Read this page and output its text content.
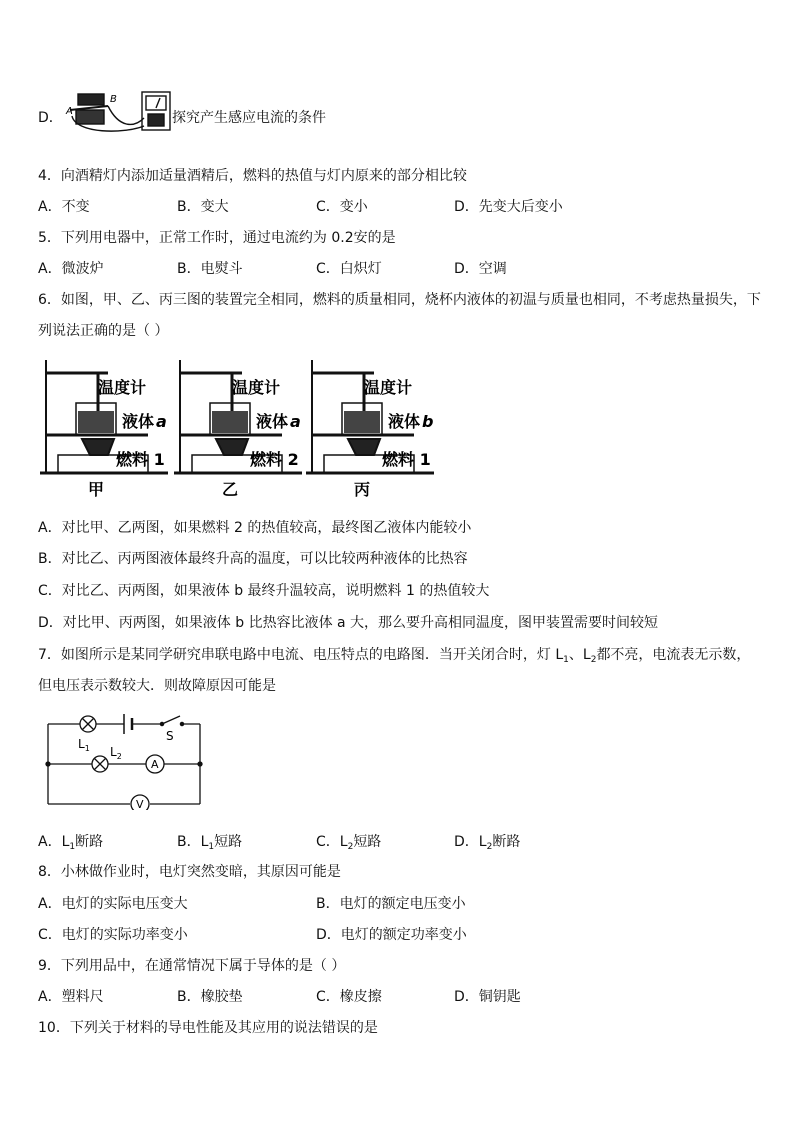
D． A
B
探究产生感应电流的条件
4．向酒精灯内添加适量酒精后，燃料的热值与灯内原来的部分相比较
A．不变	B．变大	C．变小	D．先变大后变小
5．下列用电器中，正常工作时，通过电流约为 0.2安的是
A．微波炉	B．电熨斗	C．白炽灯	D．空调
6．如图，甲、乙、丙三图的装置完全相同，燃料的质量相同，烧杯内液体的初温与质量也相同，不考虑热量损失，下
列说法正确的是（ ）
温度计
液体 a
燃料 1
甲
温度计
液体 a
燃料 2
乙
温度计
液体 b
燃料 1
丙
A．对比甲、乙两图，如果燃料 2 的热值较高，最终图乙液体内能较小
B．对比乙、丙两图液体最终升高的温度，可以比较两种液体的比热容
C．对比乙、丙两图，如果液体 b 最终升温较高，说明燃料 1 的热值较大
D．对比甲、丙两图，如果液体 b 比热容比液体 a 大，那么要升高相同温度，图甲装置需要时间较短
7．如图所示是某同学研究串联电路中电流、电压特点的电路图．当开关闭合时，灯 $L_1$、$L_2$都不亮，电流表无示数，
但电压表示数较大．则故障原因可能是
$L_1$ $L_2$
S
A
V
A．$L_1$断路	B．$L_1$短路	C．$L_2$短路	D．$L_2$断路
8．小林做作业时，电灯突然变暗，其原因可能是
A．电灯的实际电压变大	B．电灯的额定电压变小
C．电灯的实际功率变小	D．电灯的额定功率变小
9．下列用品中，在通常情况下属于导体的是（ ）
A．塑料尺	B．橡胶垫	C．橡皮擦	D．铜钥匙
10．下列关于材料的导电性能及其应用的说法错误的是
